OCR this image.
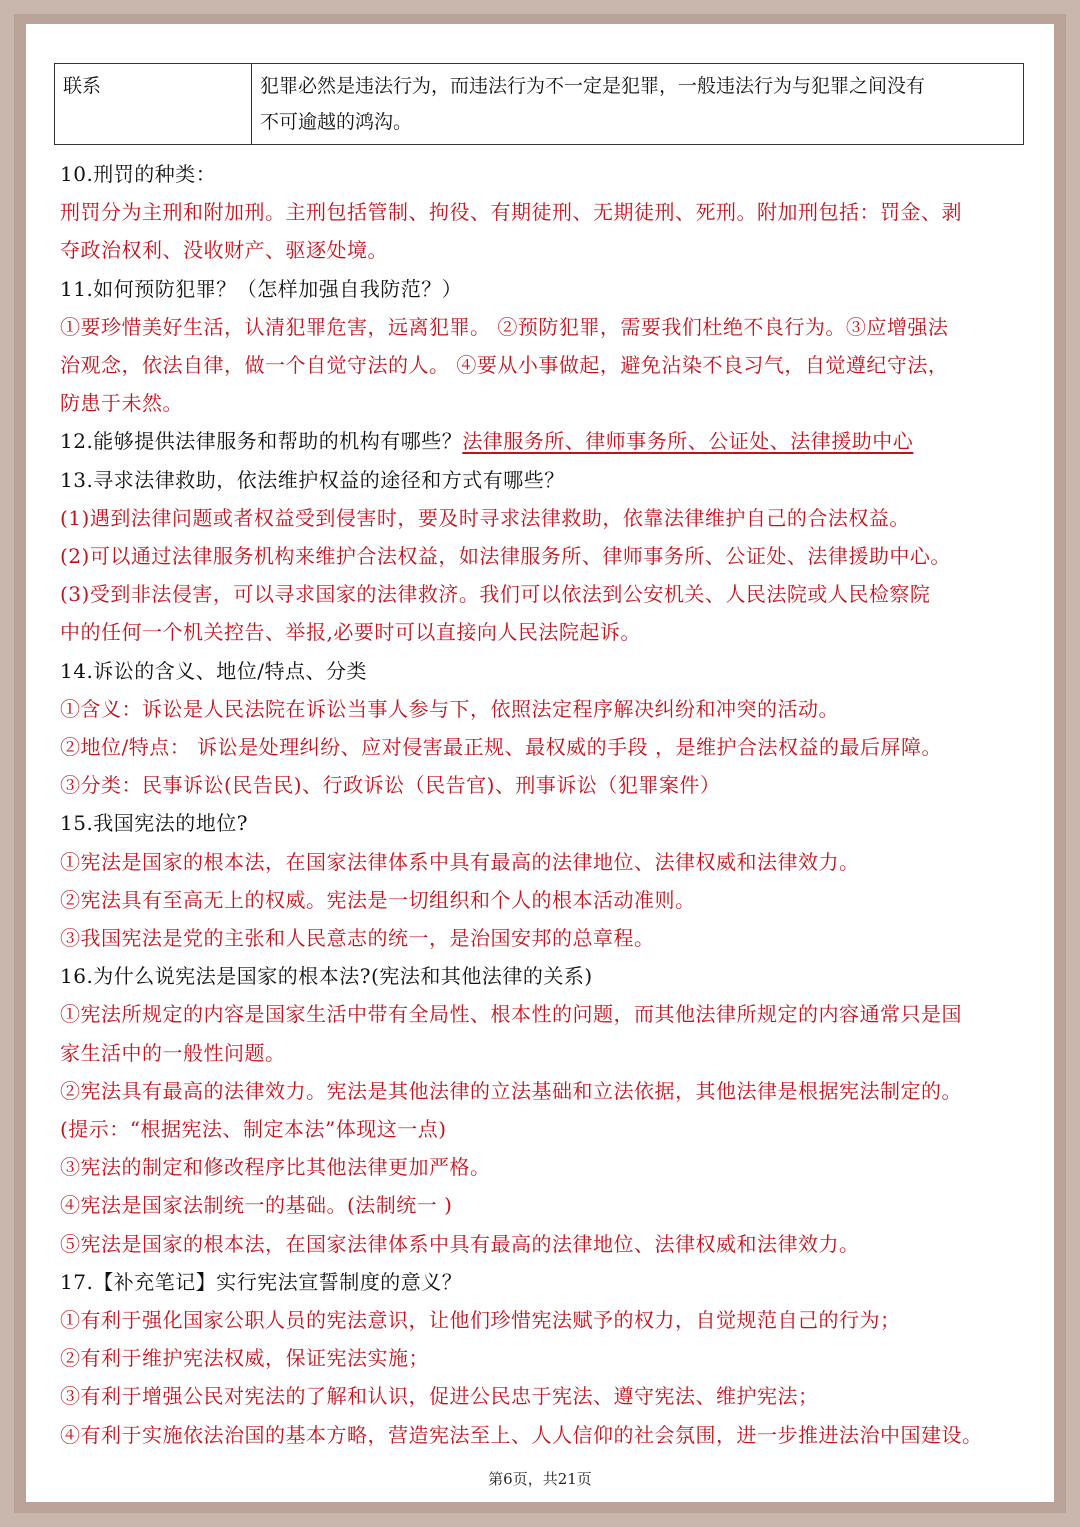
联系	犯罪必然是违法行为，而违法行为不一定是犯罪，一般违法行为与犯罪之间没有
不可逾越的鸿沟。
10.刑罚的种类：
刑罚分为主刑和附加刑。主刑包括管制、拘役、有期徒刑、无期徒刑、死刑。附加刑包括：罚金、剥
夺政治权利、没收财产、驱逐处境。
11.如何预防犯罪？（怎样加强自我防范？）
①要珍惜美好生活，认清犯罪危害，远离犯罪。 ②预防犯罪，需要我们杜绝不良行为。③应增强法
治观念，依法自律，做一个自觉守法的人。 ④要从小事做起，避免沾染不良习气，自觉遵纪守法，
防患于未然。
12.能够提供法律服务和帮助的机构有哪些？法律服务所、律师事务所、公证处、法律援助中心
13.寻求法律救助，依法维护权益的途径和方式有哪些？
(1)遇到法律问题或者权益受到侵害时，要及时寻求法律救助，依靠法律维护自己的合法权益。
(2)可以通过法律服务机构来维护合法权益，如法律服务所、律师事务所、公证处、法律援助中心。
(3)受到非法侵害，可以寻求国家的法律救济。我们可以依法到公安机关、人民法院或人民检察院
中的任何一个机关控告、举报,必要时可以直接向人民法院起诉。
14.诉讼的含义、地位/特点、分类
①含义：诉讼是人民法院在诉讼当事人参与下，依照法定程序解决纠纷和冲突的活动。
②地位/特点： 诉讼是处理纠纷、应对侵害最正规、最权威的手段 ，是维护合法权益的最后屏障。
③分类：民事诉讼(民告民)、行政诉讼（民告官)、刑事诉讼（犯罪案件）
15.我国宪法的地位?
①宪法是国家的根本法，在国家法律体系中具有最高的法律地位、法律权威和法律效力。
②宪法具有至高无上的权威。宪法是一切组织和个人的根本活动准则。
③我国宪法是党的主张和人民意志的统一，是治国安邦的总章程。
16.为什么说宪法是国家的根本法?(宪法和其他法律的关系)
①宪法所规定的内容是国家生活中带有全局性、根本性的问题，而其他法律所规定的内容通常只是国
家生活中的一般性问题。
②宪法具有最高的法律效力。宪法是其他法律的立法基础和立法依据，其他法律是根据宪法制定的。
(提示：“根据宪法、制定本法”体现这一点)
③宪法的制定和修改程序比其他法律更加严格。
④宪法是国家法制统一的基础。(法制统一 )
⑤宪法是国家的根本法，在国家法律体系中具有最高的法律地位、法律权威和法律效力。
17.【补充笔记】实行宪法宣誓制度的意义？
①有利于强化国家公职人员的宪法意识，让他们珍惜宪法赋予的权力，自觉规范自己的行为；
②有利于维护宪法权威，保证宪法实施；
③有利于增强公民对宪法的了解和认识，促进公民忠于宪法、遵守宪法、维护宪法；
④有利于实施依法治国的基本方略，营造宪法至上、人人信仰的社会氛围，进一步推进法治中国建设。
第6页，共21页
